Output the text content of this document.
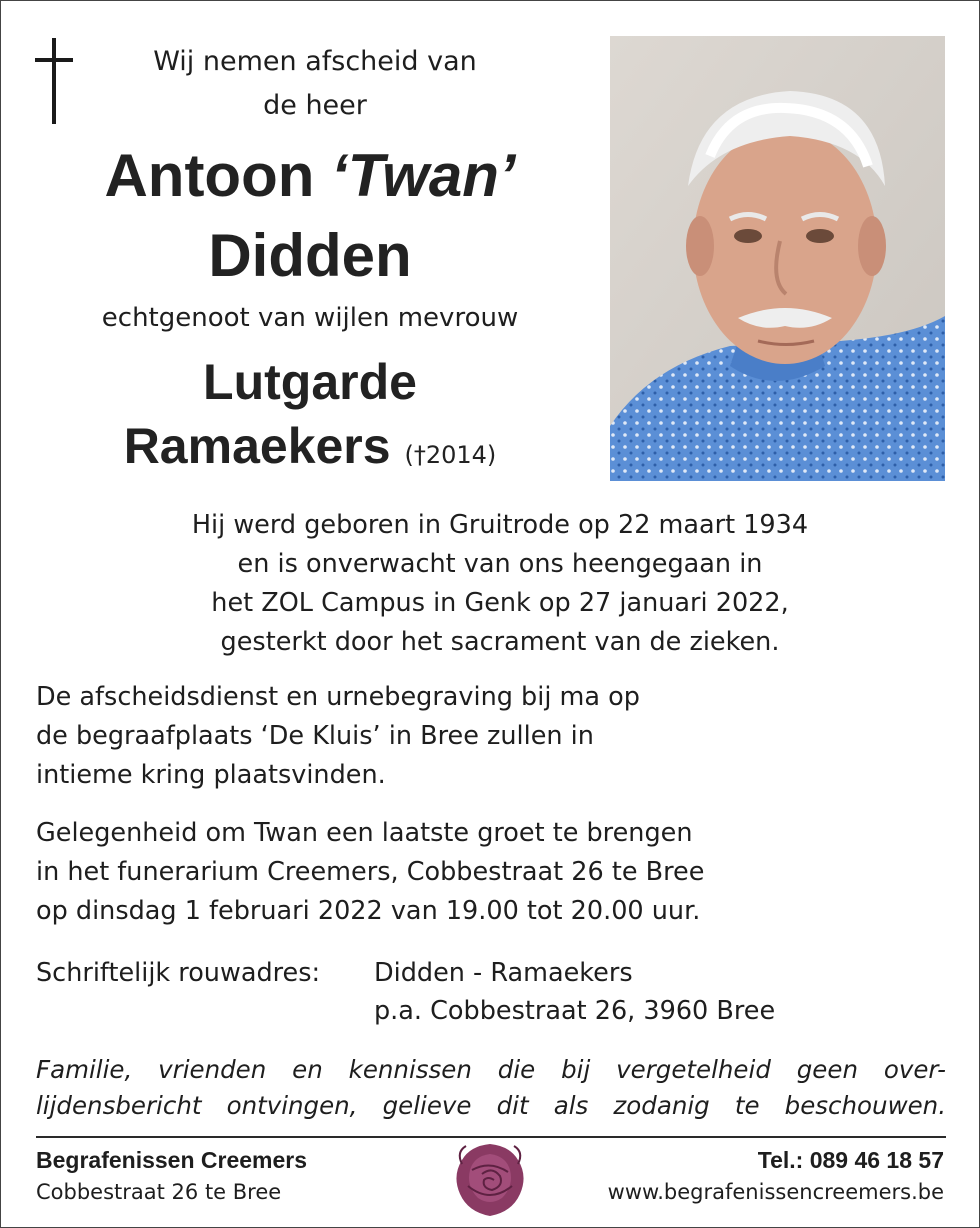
Wij nemen afscheid van
de heer
Antoon ‘Twan’
Didden
echtgenoot van wijlen mevrouw
Lutgarde
Ramaekers (†2014)
Hij werd geboren in Gruitrode op 22 maart 1934
en is onverwacht van ons heengegaan in
het ZOL Campus in Genk op 27 januari 2022,
gesterkt door het sacrament van de zieken.
De afscheidsdienst en urnebegraving bij ma op
de begraafplaats ‘De Kluis’ in Bree zullen in
intieme kring plaatsvinden.
Gelegenheid om Twan een laatste groet te brengen
in het funerarium Creemers, Cobbestraat 26 te Bree
op dinsdag 1 februari 2022 van 19.00 tot 20.00 uur.
Schriftelijk rouwadres: Didden - Ramaekers
p.a. Cobbestraat 26, 3960 Bree
Familie, vrienden en kennissen die bij vergetelheid geen over-
lijdensbericht ontvingen, gelieve dit als zodanig te beschouwen.
Begrafenissen Creemers
Cobbestraat 26 te Bree
Tel.: 089 46 18 57
www.begrafenissencreemers.be
